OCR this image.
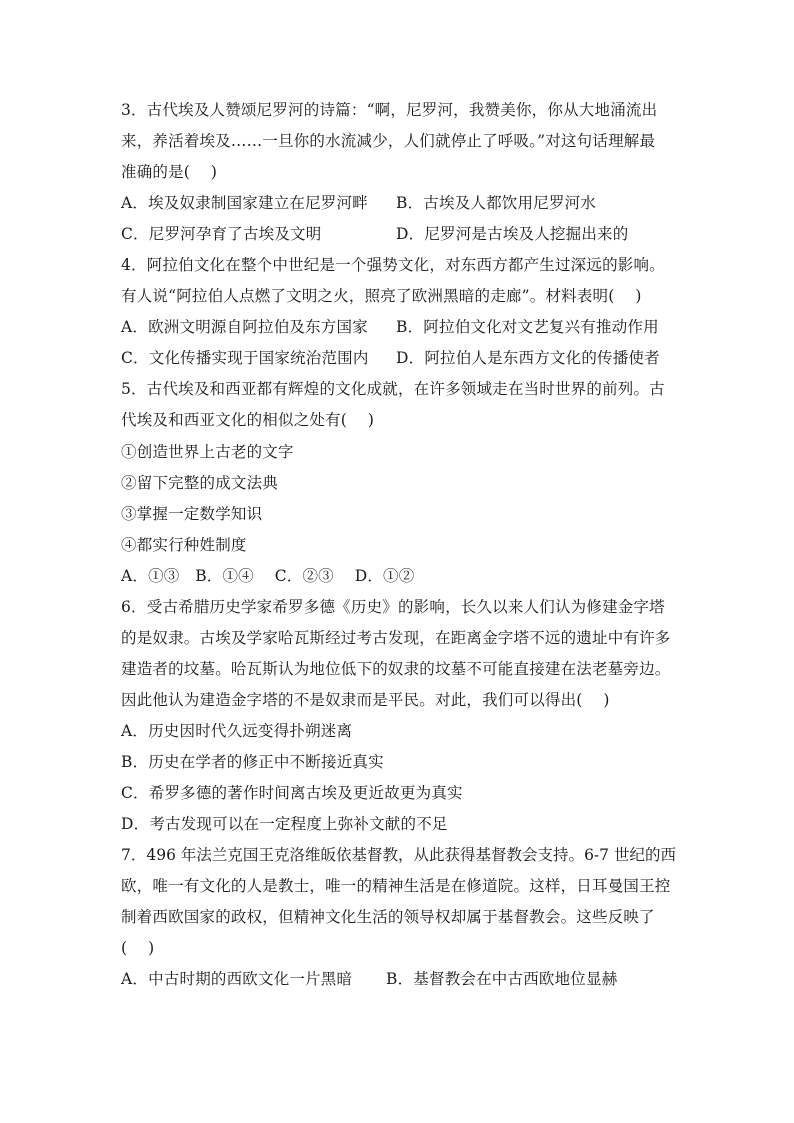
3．古代埃及人赞颂尼罗河的诗篇：“啊，尼罗河，我赞美你，你从大地涌流出
来，养活着埃及……一旦你的水流减少，人们就停止了呼吸。”对这句话理解最
准确的是(　 )
A．埃及奴隶制国家建立在尼罗河畔 B．古埃及人都饮用尼罗河水
C．尼罗河孕育了古埃及文明	D．尼罗河是古埃及人挖掘出来的
4．阿拉伯文化在整个中世纪是一个强势文化，对东西方都产生过深远的影响。
有人说“阿拉伯人点燃了文明之火，照亮了欧洲黑暗的走廊”。材料表明(　 )
A．欧洲文明源自阿拉伯及东方国家 B．阿拉伯文化对文艺复兴有推动作用
C．文化传播实现于国家统治范围内 D．阿拉伯人是东西方文化的传播使者
5．古代埃及和西亚都有辉煌的文化成就，在许多领域走在当时世界的前列。古
代埃及和西亚文化的相似之处有(　 )
①创造世界上古老的文字
②留下完整的成文法典
③掌握一定数学知识
④都实行种姓制度
A．①③　B．①④　 C．②③　 D．①②
6．受古希腊历史学家希罗多德《历史》的影响，长久以来人们认为修建金字塔
的是奴隶。古埃及学家哈瓦斯经过考古发现，在距离金字塔不远的遗址中有许多
建造者的坟墓。哈瓦斯认为地位低下的奴隶的坟墓不可能直接建在法老墓旁边。
因此他认为建造金字塔的不是奴隶而是平民。对此，我们可以得出(　 )
A．历史因时代久远变得扑朔迷离
B．历史在学者的修正中不断接近真实
C．希罗多德的著作时间离古埃及更近故更为真实
D．考古发现可以在一定程度上弥补文献的不足
7．496 年法兰克国王克洛维皈依基督教，从此获得基督教会支持。6-7 世纪的西
欧，唯一有文化的人是教士，唯一的精神生活是在修道院。这样，日耳曼国王控
制着西欧国家的政权，但精神文化生活的领导权却属于基督教会。这些反映了
(　 )
A．中古时期的西欧文化一片黑暗 B．基督教会在中古西欧地位显赫
